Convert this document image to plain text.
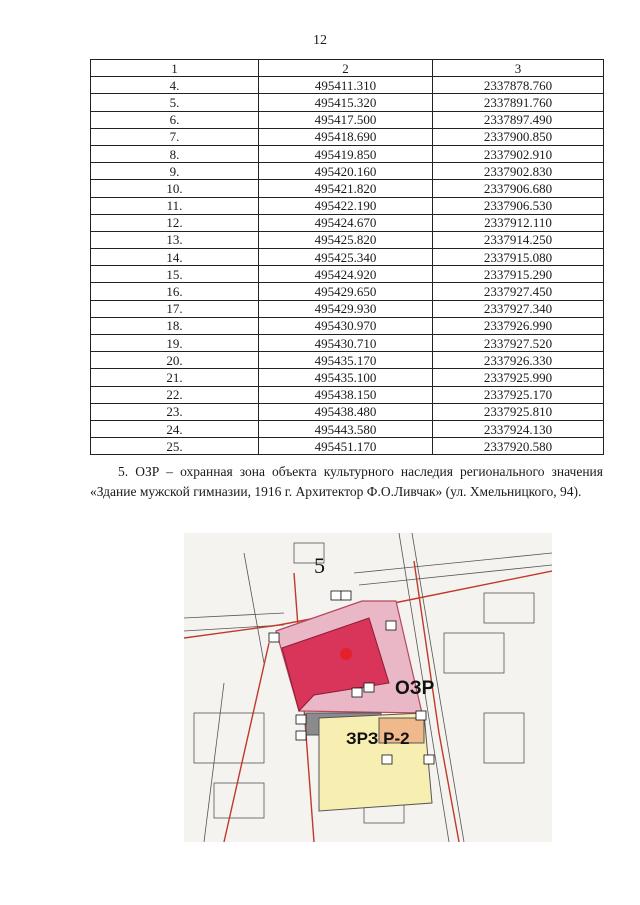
12
1	2	3
4.	495411.310	2337878.760
5.	495415.320	2337891.760
6.	495417.500	2337897.490
7.	495418.690	2337900.850
8.	495419.850	2337902.910
9.	495420.160	2337902.830
10.	495421.820	2337906.680
11.	495422.190	2337906.530
12.	495424.670	2337912.110
13.	495425.820	2337914.250
14.	495425.340	2337915.080
15.	495424.920	2337915.290
16.	495429.650	2337927.450
17.	495429.930	2337927.340
18.	495430.970	2337926.990
19.	495430.710	2337927.520
20.	495435.170	2337926.330
21.	495435.100	2337925.990
22.	495438.150	2337925.170
23.	495438.480	2337925.810
24.	495443.580	2337924.130
25.	495451.170	2337920.580
5. ОЗР – охранная зона объекта культурного наследия регионального значения «Здание мужской гимназии, 1916 г. Архитектор Ф.О.Ливчак» (ул. Хмельницкого, 94).
5
ОЗР
ЗРЗ Р-2
